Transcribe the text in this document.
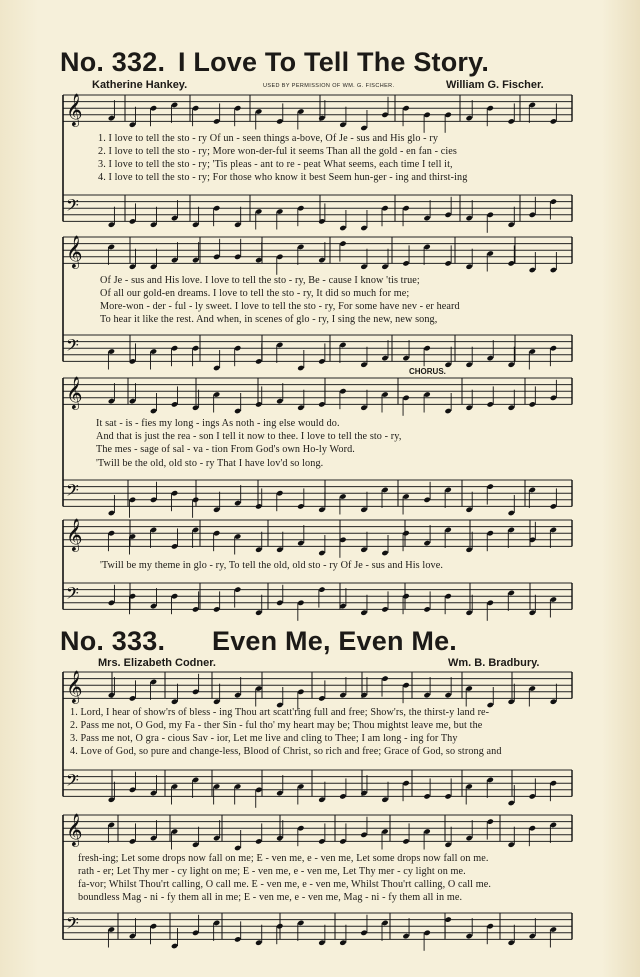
No. 332. I Love To Tell The Story.
Katherine Hankey.	USED BY PERMISSION OF WM. G. FISCHER.	William G. Fischer.
𝄞
𝄢
𝄞
𝄢
𝄞
𝄢
𝄞
𝄢
𝄞
𝄢
𝄞
𝄢
1. I love to tell the sto - ry Of un - seen things a-bove, Of Je - sus and His glo - ry
2. I love to tell the sto - ry; More won-der-ful it seems Than all the gold - en fan - cies
3. I love to tell the sto - ry; 'Tis pleas - ant to re - peat What seems, each time I tell it,
4. I love to tell the sto - ry; For those who know it best Seem hun-ger - ing and thirst-ing
Of Je - sus and His love. I love to tell the sto - ry, Be - cause I know 'tis true;
Of all our gold-en dreams. I love to tell the sto - ry, It did so much for me;
More-won - der - ful - ly sweet. I love to tell the sto - ry, For some have nev - er heard
To hear it like the rest. And when, in scenes of glo - ry, I sing the new, new song,
CHORUS.
It sat - is - fies my long - ings As noth - ing else would do.
And that is just the rea - son I tell it now to thee. I love to tell the sto - ry,
The mes - sage of sal - va - tion From God's own Ho-ly Word.
'Twill be the old, old sto - ry That I have lov'd so long.
'Twill be my theme in glo - ry, To tell the old, old sto - ry Of Je - sus and His love.
No. 333. Even Me, Even Me.
Mrs. Elizabeth Codner.	Wm. B. Bradbury.
1. Lord, I hear of show'rs of bless - ing Thou art scatt'ring full and free; Show'rs, the thirst-y land re-
2. Pass me not, O God, my Fa - ther Sin - ful tho' my heart may be; Thou mightst leave me, but the
3. Pass me not, O gra - cious Sav - ior, Let me live and cling to Thee; I am long - ing for Thy
4. Love of God, so pure and change-less, Blood of Christ, so rich and free; Grace of God, so strong and
fresh-ing; Let some drops now fall on me; E - ven me, e - ven me, Let some drops now fall on me.
rath - er; Let Thy mer - cy light on me; E - ven me, e - ven me, Let Thy mer - cy light on me.
fa-vor; Whilst Thou'rt calling, O call me. E - ven me, e - ven me, Whilst Thou'rt calling, O call me.
boundless Mag - ni - fy them all in me; E - ven me, e - ven me, Mag - ni - fy them all in me.
